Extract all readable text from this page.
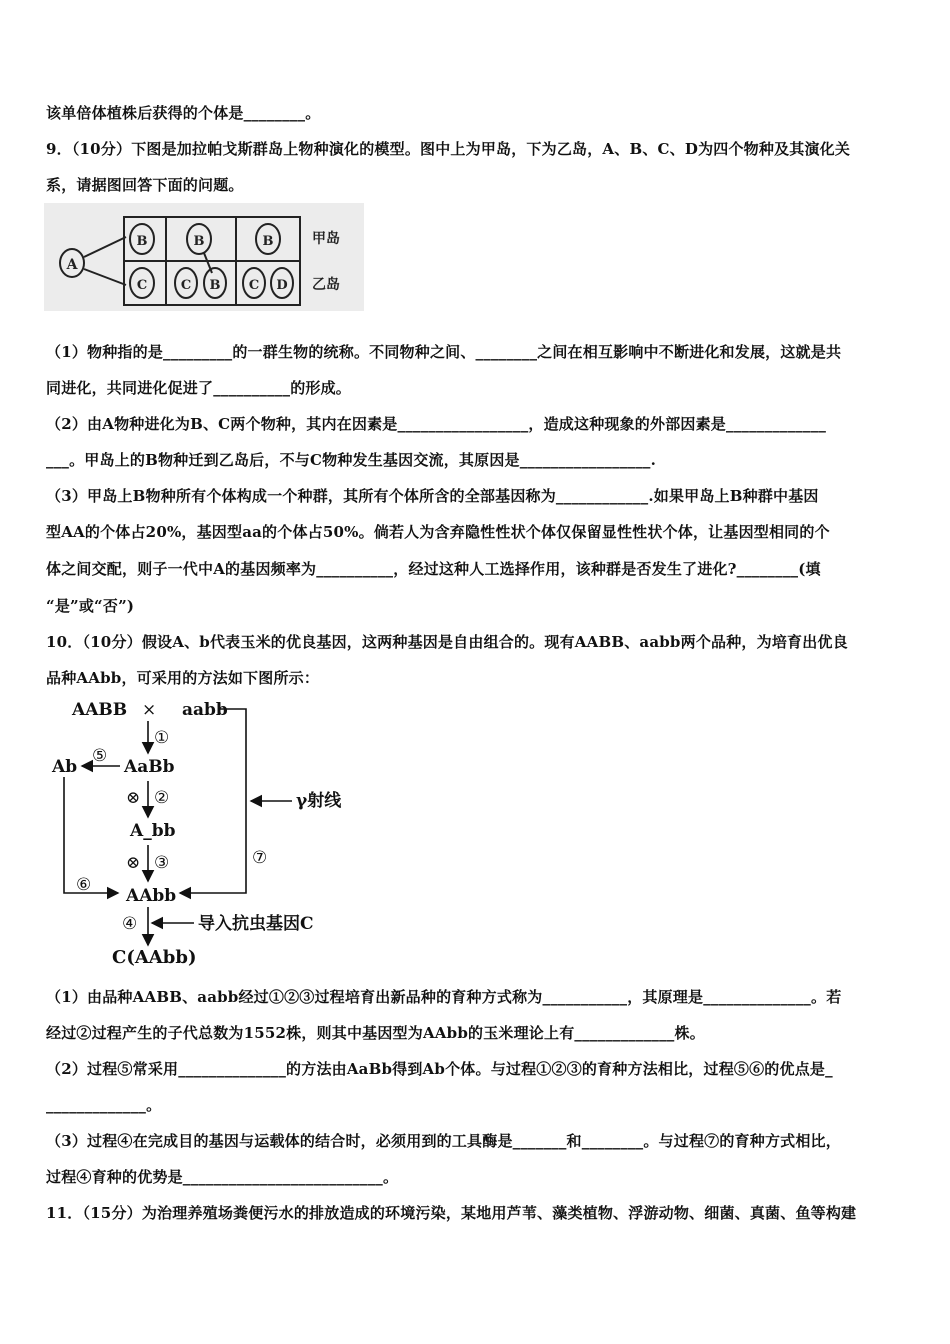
该单倍体植株后获得的个体是________。
9．（10分）下图是加拉帕戈斯群岛上物种演化的模型。图中上为甲岛，下为乙岛，A、B、C、D为四个物种及其演化关
系，请据图回答下面的问题。
A
B	B	B
C	C B C D
甲岛
乙岛
（1）物种指的是_________的一群生物的统称。不同物种之间、________之间在相互影响中不断进化和发展，这就是共
同进化，共同进化促进了__________的形成。
（2）由A物种进化为B、C两个物种，其内在因素是_________________，造成这种现象的外部因素是_____________
___。甲岛上的B物种迁到乙岛后，不与C物种发生基因交流，其原因是_________________.
（3）甲岛上B物种所有个体构成一个种群，其所有个体所含的全部基因称为____________.如果甲岛上B种群中基因
型AA的个体占20%，基因型aa的个体占50%。倘若人为含弃隐性性状个体仅保留显性性状个体，让基因型相同的个
体之间交配，则子一代中A的基因频率为__________，经过这种人工选择作用，该种群是否发生了进化?________(填
“是”或“否”)
10．（10分）假设A、b代表玉米的优良基因，这两种基因是自由组合的。现有AABB、aabb两个品种，为培育出优良
品种AAbb，可采用的方法如下图所示：
AABB × aabb
AaBb
Ab
A_bb
AAbb
C(AAbb)
①
②
③
④
⑤
⑥
⑦
⊗
⊗
γ射线
导入抗虫基因C
（1）由品种AABB、aabb经过①②③过程培育出新品种的育种方式称为___________，其原理是______________。若
经过②过程产生的子代总数为1552株，则其中基因型为AAbb的玉米理论上有_____________株。
（2）过程⑤常采用______________的方法由AaBb得到Ab个体。与过程①②③的育种方法相比，过程⑤⑥的优点是_
_____________。
（3）过程④在完成目的基因与运载体的结合时，必须用到的工具酶是_______和________。与过程⑦的育种方式相比，
过程④育种的优势是__________________________。
11．（15分）为治理养殖场粪便污水的排放造成的环境污染，某地用芦苇、藻类植物、浮游动物、细菌、真菌、鱼等构建
